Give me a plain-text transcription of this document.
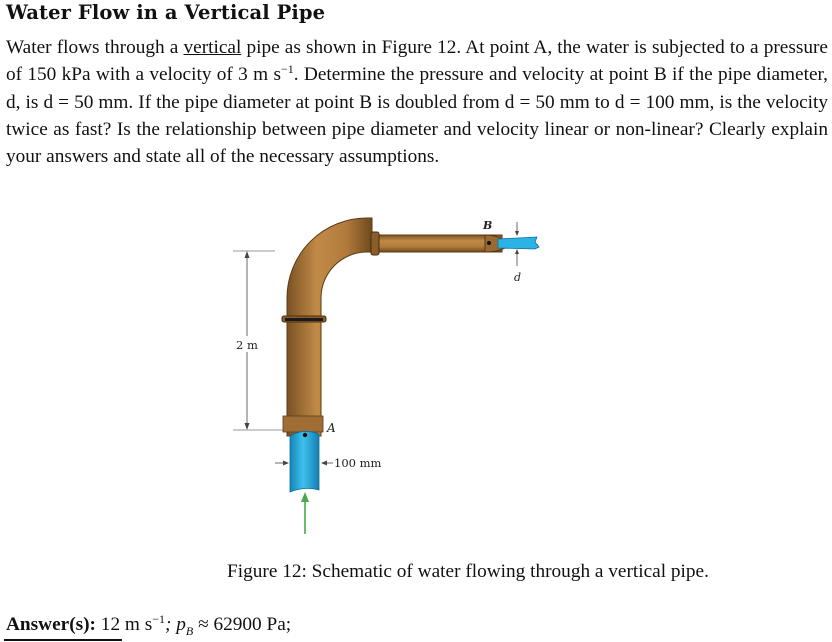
Water Flow in a Vertical Pipe

Water flows through a vertical pipe as shown in Figure 12. At point A, the water is subjected to a pressure of 150 kPa with a velocity of 3 m $s^{-1}$. Determine the pressure and velocity at point B if the pipe diameter, d, is d = 50 mm. If the pipe diameter at point B is doubled from d = 50 mm to d = 100 mm, is the velocity twice as fast? Is the relationship between pipe diameter and velocity linear or non-linear? Clearly explain your answers and state all of the necessary assumptions.

2 m
A
B
d
100 mm
Figure 12: Schematic of water flowing through a vertical pipe.
Answer(s): 12 m $s^{-1}$; $p_B \approx 62900$ Pa;
